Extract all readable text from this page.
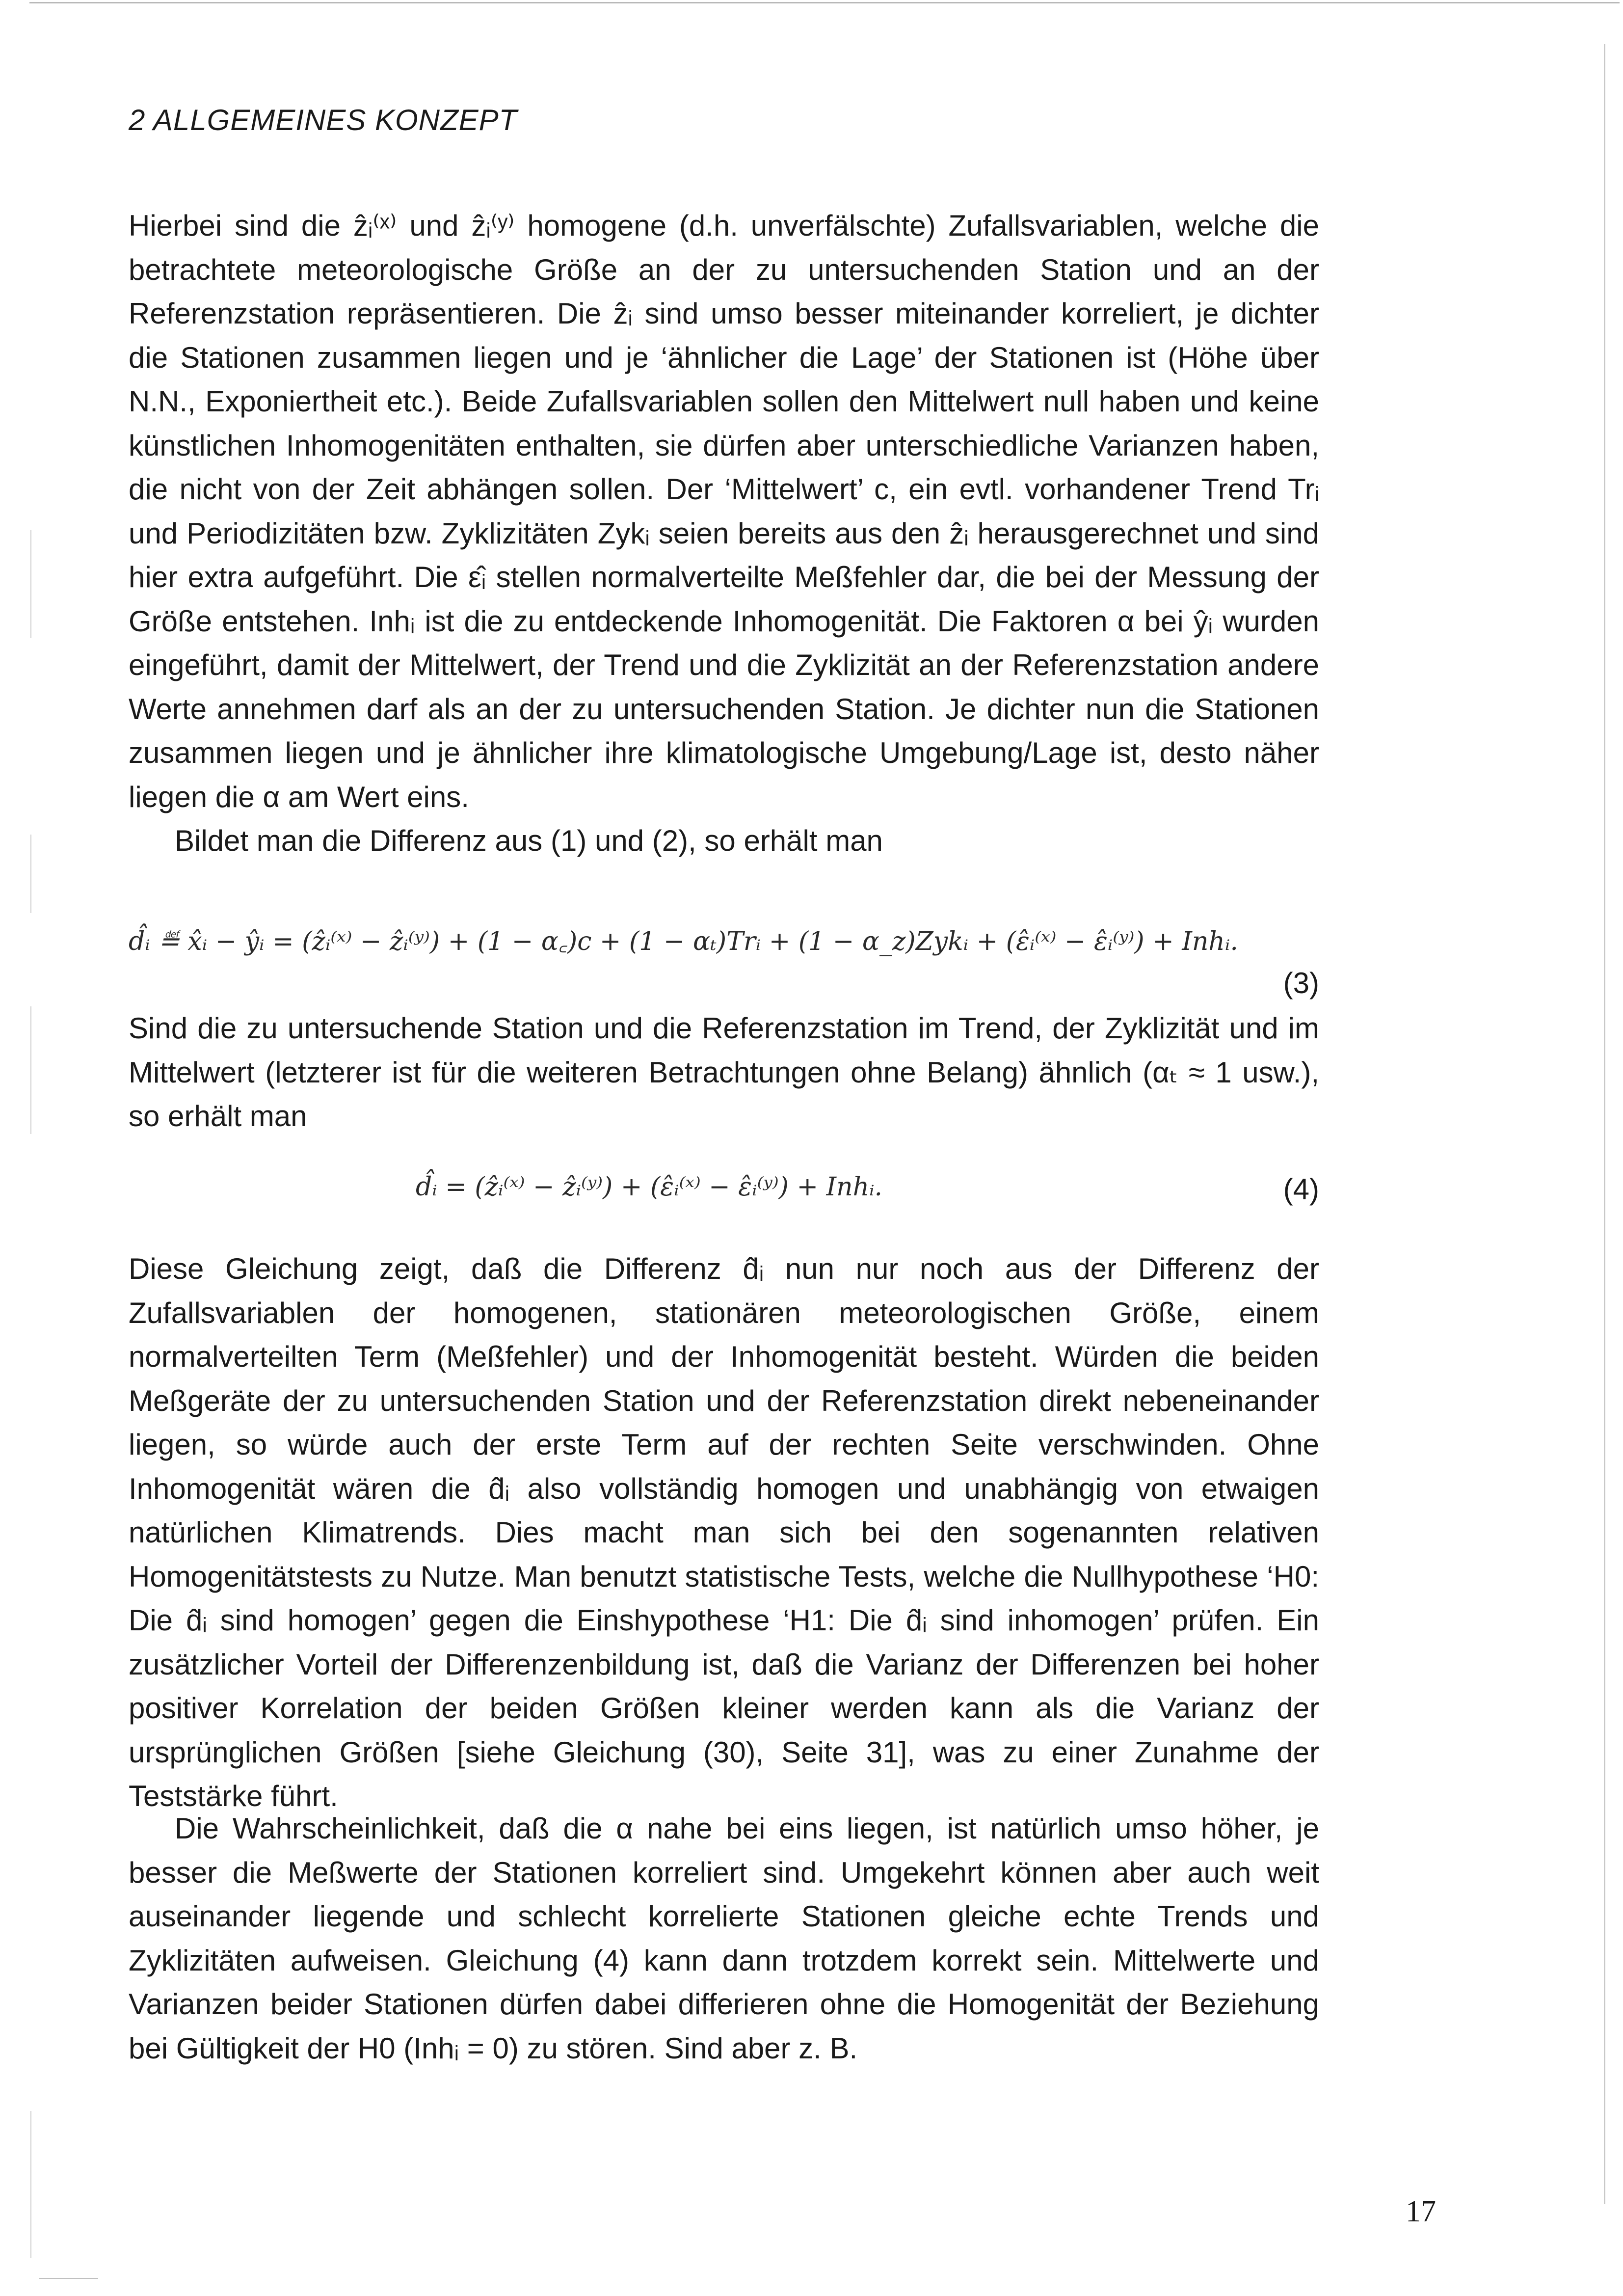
2 ALLGEMEINES KONZEPT

Hierbei sind die ẑᵢ⁽ˣ⁾ und ẑᵢ⁽ʸ⁾ homogene (d.h. unverfälschte) Zufallsvariablen, welche die betrachtete meteorologische Größe an der zu untersuchenden Station und an der Referenzstation repräsentieren. Die ẑᵢ sind umso besser miteinander korreliert, je dichter die Stationen zusammen liegen und je ‘ähnlicher die Lage’ der Stationen ist (Höhe über N.N., Exponiertheit etc.). Beide Zufallsvariablen sollen den Mittelwert null haben und keine künstlichen Inhomogenitäten enthalten, sie dürfen aber unterschiedliche Varianzen haben, die nicht von der Zeit abhängen sollen. Der ‘Mittelwert’ c, ein evtl. vorhandener Trend Trᵢ und Periodizitäten bzw. Zyklizitäten Zykᵢ seien bereits aus den ẑᵢ herausgerechnet und sind hier extra aufgeführt. Die ε̂ᵢ stellen normalverteilte Meßfehler dar, die bei der Messung der Größe entstehen. Inhᵢ ist die zu entdeckende Inhomogenität. Die Faktoren α bei ŷᵢ wurden eingeführt, damit der Mittelwert, der Trend und die Zyklizität an der Referenzstation andere Werte annehmen darf als an der zu untersuchenden Station. Je dichter nun die Stationen zusammen liegen und je ähnlicher ihre klimatologische Umgebung/Lage ist, desto näher liegen die α am Wert eins.

Bildet man die Differenz aus (1) und (2), so erhält man

d̂ᵢ ≝ x̂ᵢ − ŷᵢ = (ẑᵢ⁽ˣ⁾ − ẑᵢ⁽ʸ⁾) + (1 − α꜀)c + (1 − αₜ)Trᵢ + (1 − α_z)Zykᵢ + (ε̂ᵢ⁽ˣ⁾ − ε̂ᵢ⁽ʸ⁾) + Inhᵢ.
(3)

Sind die zu untersuchende Station und die Referenzstation im Trend, der Zyklizität und im Mittelwert (letzterer ist für die weiteren Betrachtungen ohne Belang) ähnlich (αₜ ≈ 1 usw.), so erhält man

d̂ᵢ = (ẑᵢ⁽ˣ⁾ − ẑᵢ⁽ʸ⁾) + (ε̂ᵢ⁽ˣ⁾ − ε̂ᵢ⁽ʸ⁾) + Inhᵢ.	(4)

Diese Gleichung zeigt, daß die Differenz d̂ᵢ nun nur noch aus der Differenz der Zufallsvariablen der homogenen, stationären meteorologischen Größe, einem normalverteilten Term (Meßfehler) und der Inhomogenität besteht. Würden die beiden Meßgeräte der zu untersuchenden Station und der Referenzstation direkt nebeneinander liegen, so würde auch der erste Term auf der rechten Seite verschwinden. Ohne Inhomogenität wären die d̂ᵢ also vollständig homogen und unabhängig von etwaigen natürlichen Klimatrends. Dies macht man sich bei den sogenannten relativen Homogenitätstests zu Nutze. Man benutzt statistische Tests, welche die Nullhypothese ‘H0: Die d̂ᵢ sind homogen’ gegen die Einshypothese ‘H1: Die d̂ᵢ sind inhomogen’ prüfen. Ein zusätzlicher Vorteil der Differenzenbildung ist, daß die Varianz der Differenzen bei hoher positiver Korrelation der beiden Größen kleiner werden kann als die Varianz der ursprünglichen Größen [siehe Gleichung (30), Seite 31], was zu einer Zunahme der Teststärke führt.

Die Wahrscheinlichkeit, daß die α nahe bei eins liegen, ist natürlich umso höher, je besser die Meßwerte der Stationen korreliert sind. Umgekehrt können aber auch weit auseinander liegende und schlecht korrelierte Stationen gleiche echte Trends und Zyklizitäten aufweisen. Gleichung (4) kann dann trotzdem korrekt sein. Mittelwerte und Varianzen beider Stationen dürfen dabei differieren ohne die Homogenität der Beziehung bei Gültigkeit der H0 (Inhᵢ = 0) zu stören. Sind aber z. B.

17
